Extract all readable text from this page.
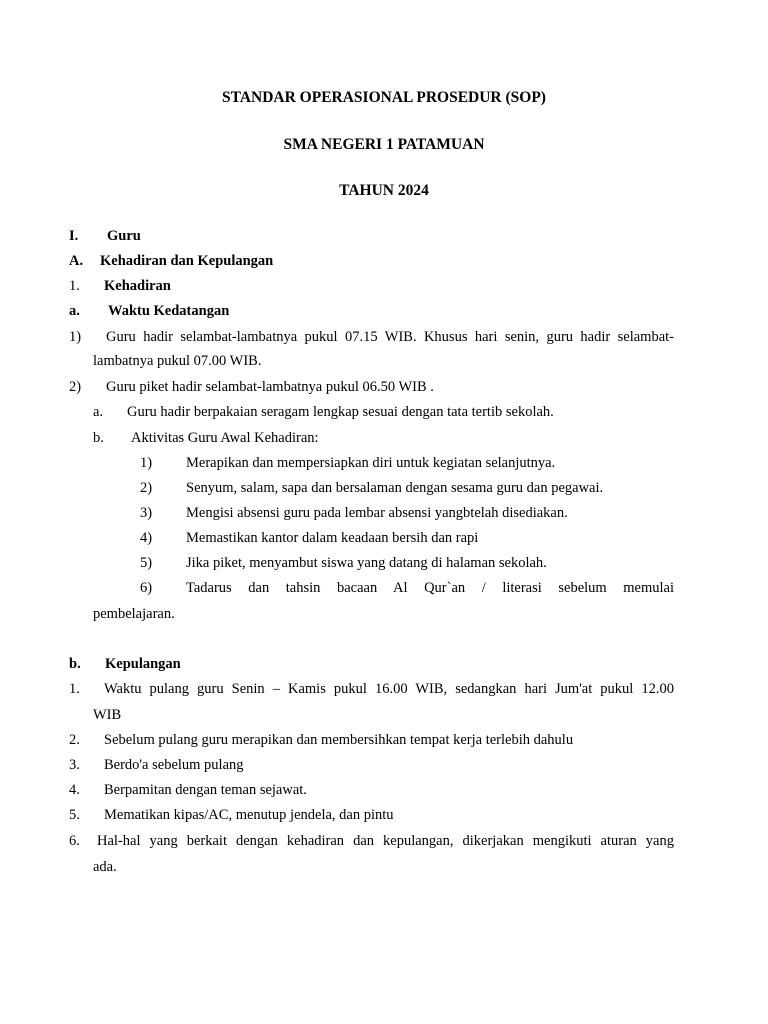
STANDAR OPERASIONAL PROSEDUR (SOP)
SMA NEGERI 1 PATAMUAN
TAHUN 2024
I. Guru
A. Kehadiran dan Kepulangan
1. Kehadiran
a. Waktu Kedatangan
1) Guru hadir selambat-lambatnya pukul 07.15 WIB. Khusus hari senin, guru hadir selambat-
lambatnya pukul 07.00 WIB.
2) Guru piket hadir selambat-lambatnya pukul 06.50 WIB .
a. Guru hadir berpakaian seragam lengkap sesuai dengan tata tertib sekolah.
b. Aktivitas Guru Awal Kehadiran:
1) Merapikan dan mempersiapkan diri untuk kegiatan selanjutnya.
2) Senyum, salam, sapa dan bersalaman dengan sesama guru dan pegawai.
3) Mengisi absensi guru pada lembar absensi yangbtelah disediakan.
4) Memastikan kantor dalam keadaan bersih dan rapi
5) Jika piket, menyambut siswa yang datang di halaman sekolah.
6) Tadarus dan tahsin bacaan Al Qur`an / literasi sebelum memulai
pembelajaran.
b. Kepulangan
1. Waktu pulang guru Senin – Kamis pukul 16.00 WIB, sedangkan hari Jum'at pukul 12.00
WIB
2. Sebelum pulang guru merapikan dan membersihkan tempat kerja terlebih dahulu
3. Berdo'a sebelum pulang
4. Berpamitan dengan teman sejawat.
5. Mematikan kipas/AC, menutup jendela, dan pintu
6. Hal-hal yang berkait dengan kehadiran dan kepulangan, dikerjakan mengikuti aturan yang
ada.
